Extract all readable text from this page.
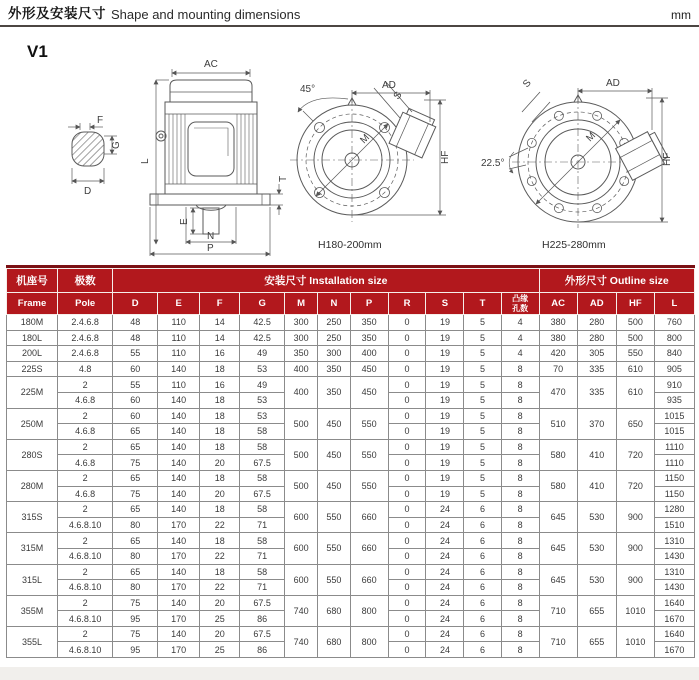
外形及安装尺寸 Shape and mounting dimensions	mm
V1
F
G
D
AC
L
E
T
N
P
S
45°	AD
HF
M
H180-200mm
S
22.5°
AD
HF
M
H225-280mm
机座号	极数	安装尺寸 Installation size											外形尺寸 Outline size			
Frame	Pole	D	E	F	G	M	N	P	R	S	T	凸缘
孔数	AC	AD	HF	L
180M	2.4.6.8	48	110	14	42.5	300	250	350	0	19	5	4	380	280	500	760
180L	2.4.6.8	48	110	14	42.5	300	250	350	0	19	5	4	380	280	500	800
200L	2.4.6.8	55	110	16	49	350	300	400	0	19	5	4	420	305	550	840
225S	4.8	60	140	18	53	400	350	450	0	19	5	8	70	335	610	905
225M	2	55	110	16	49	400	350	450	0	19	5	8	470	335	610	910
	4.6.8	60	140	18	53				0	19	5	8				935
250M	2	60	140	18	53	500	450	550	0	19	5	8	510	370	650	1015
	4.6.8	65	140	18	58				0	19	5	8				1015
280S	2	65	140	18	58	500	450	550	0	19	5	8	580	410	720	1110
	4.6.8	75	140	20	67.5				0	19	5	8				1110
280M	2	65	140	18	58	500	450	550	0	19	5	8	580	410	720	1150
	4.6.8	75	140	20	67.5				0	19	5	8				1150
315S	2	65	140	18	58	600	550	660	0	24	6	8	645	530	900	1280
	4.6.8.10	80	170	22	71				0	24	6	8				1510
315M	2	65	140	18	58	600	550	660	0	24	6	8	645	530	900	1310
	4.6.8.10	80	170	22	71				0	24	6	8				1430
315L	2	65	140	18	58	600	550	660	0	24	6	8	645	530	900	1310
	4.6.8.10	80	170	22	71				0	24	6	8				1430
355M	2	75	140	20	67.5	740	680	800	0	24	6	8	710	655	1010	1640
	4.6.8.10	95	170	25	86				0	24	6	8				1670
355L	2	75	140	20	67.5	740	680	800	0	24	6	8	710	655	1010	1640
	4.6.8.10	95	170	25	86				0	24	6	8				1670
